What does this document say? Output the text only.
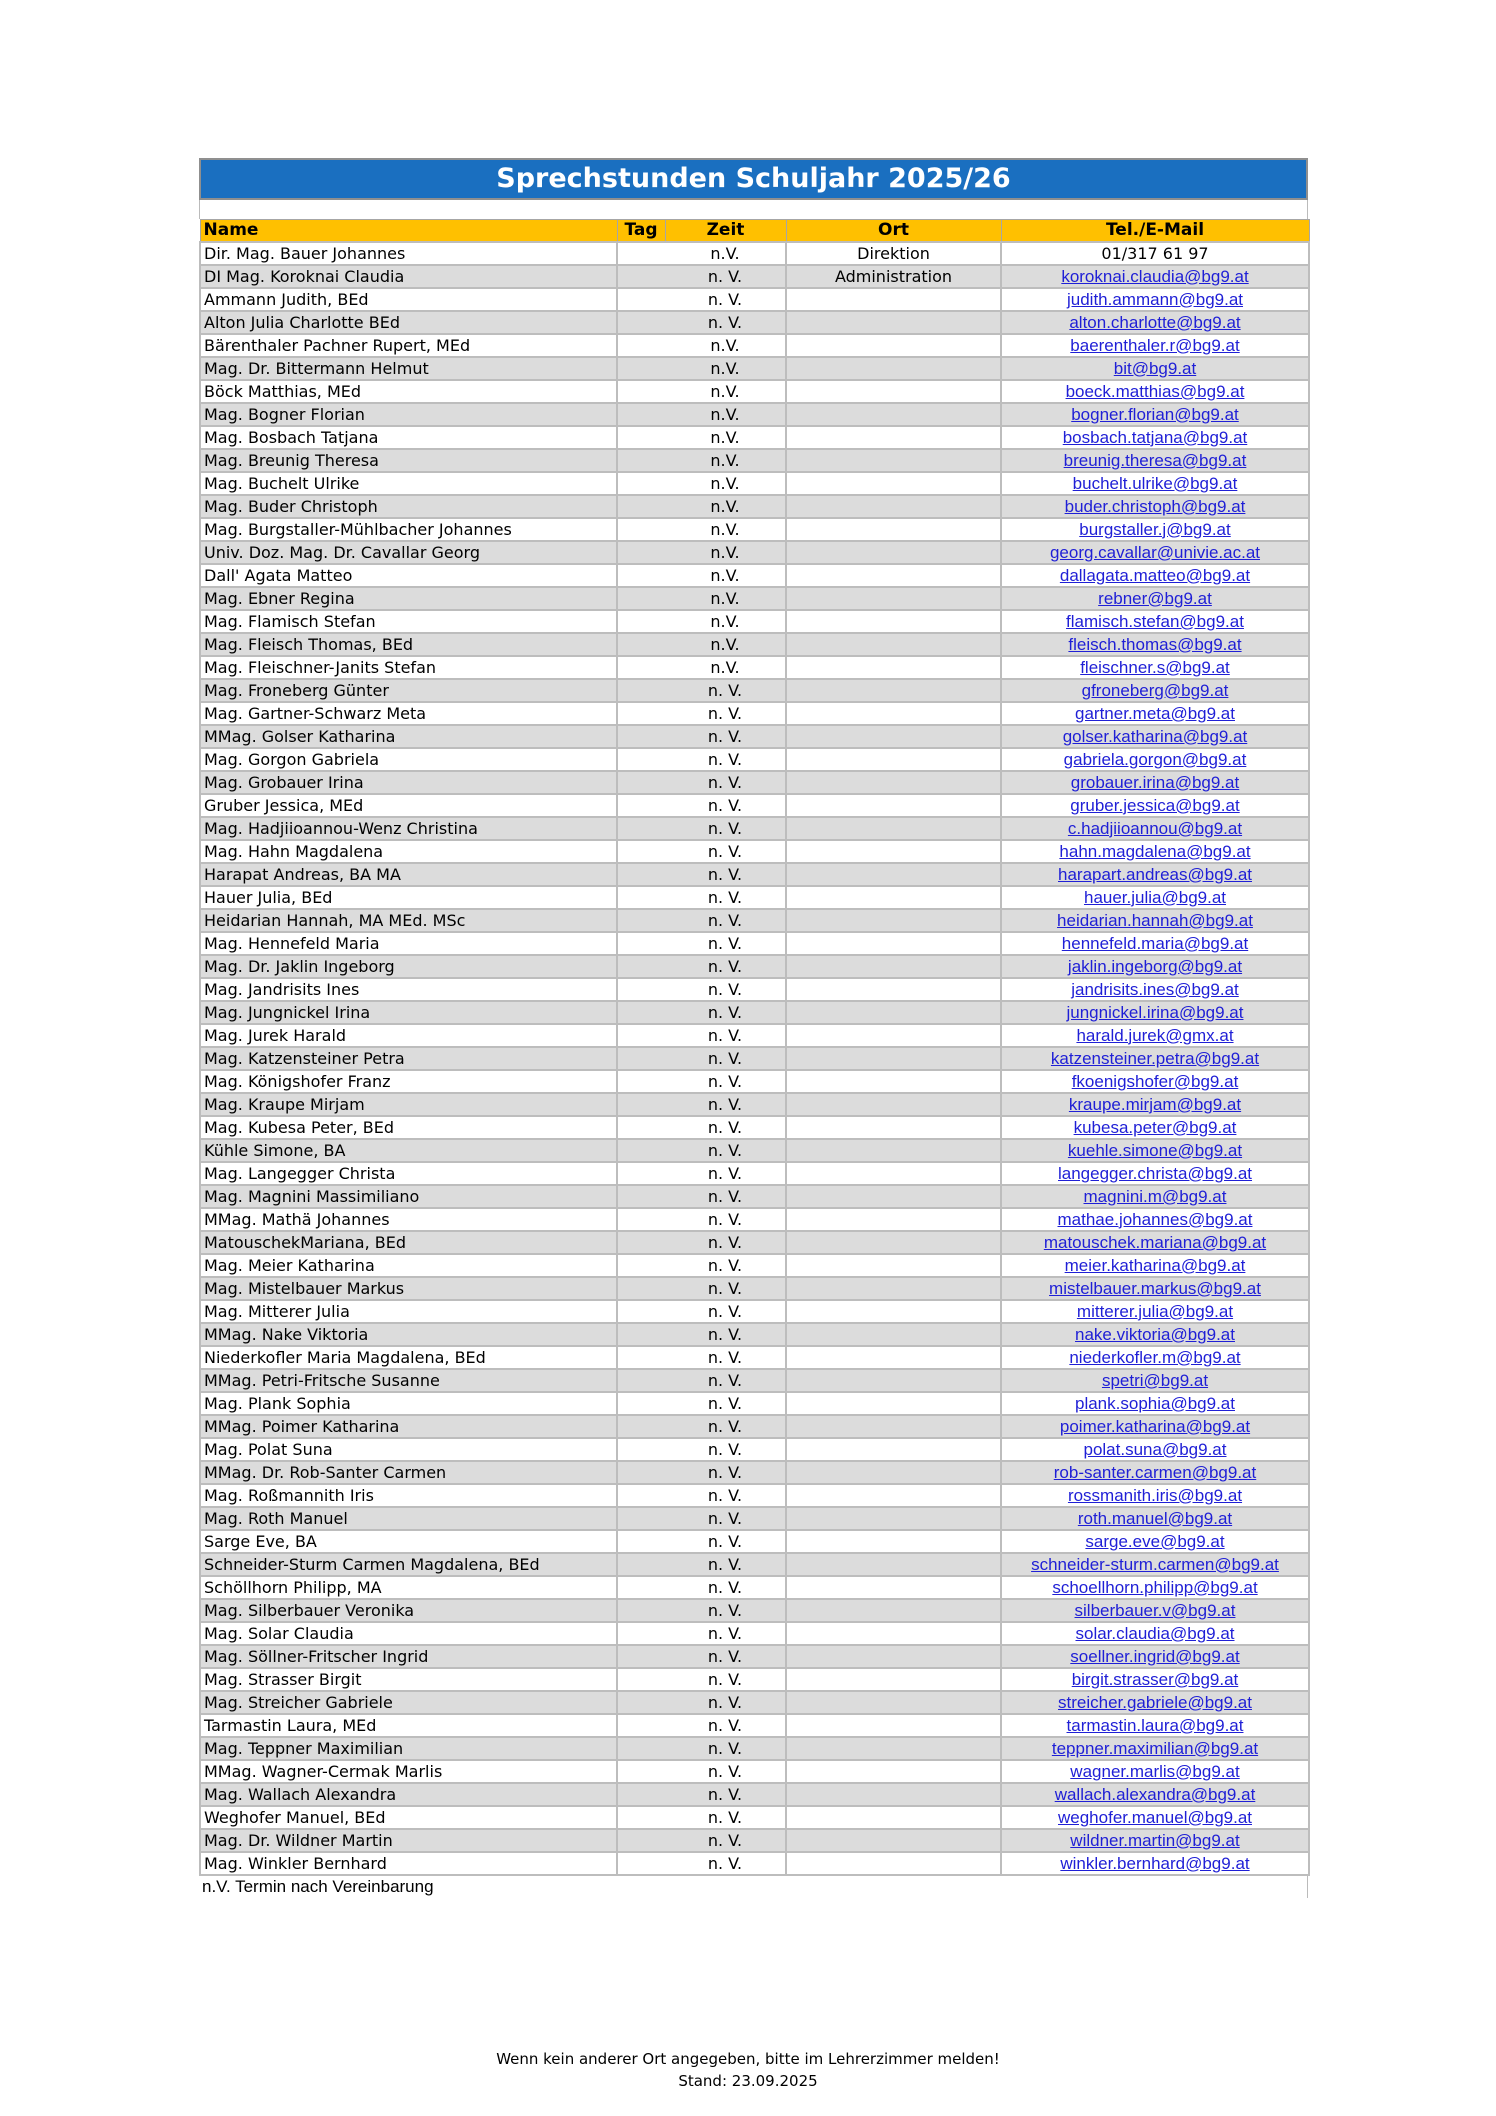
Sprechstunden Schuljahr 2025/26
Name	Tag	Zeit	Ort	Tel./E-Mail
Dir. Mag. Bauer Johannes		n.V.	Direktion	01/317 61 97
DI Mag. Koroknai Claudia		n. V.	Administration	koroknai.claudia@bg9.at
Ammann Judith, BEd		n. V.		judith.ammann@bg9.at
Alton Julia Charlotte BEd		n. V.		alton.charlotte@bg9.at
Bärenthaler Pachner Rupert, MEd		n.V.		baerenthaler.r@bg9.at
Mag. Dr. Bittermann Helmut		n.V.		bit@bg9.at
Böck Matthias, MEd		n.V.		boeck.matthias@bg9.at
Mag. Bogner Florian		n.V.		bogner.florian@bg9.at
Mag. Bosbach Tatjana		n.V.		bosbach.tatjana@bg9.at
Mag. Breunig Theresa		n.V.		breunig.theresa@bg9.at
Mag. Buchelt Ulrike		n.V.		buchelt.ulrike@bg9.at
Mag. Buder Christoph		n.V.		buder.christoph@bg9.at
Mag. Burgstaller-Mühlbacher Johannes		n.V.		burgstaller.j@bg9.at
Univ. Doz. Mag. Dr. Cavallar Georg		n.V.		georg.cavallar@univie.ac.at
Dall' Agata Matteo		n.V.		dallagata.matteo@bg9.at
Mag. Ebner Regina		n.V.		rebner@bg9.at
Mag. Flamisch Stefan		n.V.		flamisch.stefan@bg9.at
Mag. Fleisch Thomas, BEd		n.V.		fleisch.thomas@bg9.at
Mag. Fleischner-Janits Stefan		n.V.		fleischner.s@bg9.at
Mag. Froneberg Günter		n. V.		gfroneberg@bg9.at
Mag. Gartner-Schwarz Meta		n. V.		gartner.meta@bg9.at
MMag. Golser Katharina		n. V.		golser.katharina@bg9.at
Mag. Gorgon Gabriela		n. V.		gabriela.gorgon@bg9.at
Mag. Grobauer Irina		n. V.		grobauer.irina@bg9.at
Gruber Jessica, MEd		n. V.		gruber.jessica@bg9.at
Mag. Hadjiioannou-Wenz Christina		n. V.		c.hadjiioannou@bg9.at
Mag. Hahn Magdalena		n. V.		hahn.magdalena@bg9.at
Harapat Andreas, BA MA		n. V.		harapart.andreas@bg9.at
Hauer Julia, BEd		n. V.		hauer.julia@bg9.at
Heidarian Hannah, MA MEd. MSc		n. V.		heidarian.hannah@bg9.at
Mag. Hennefeld Maria		n. V.		hennefeld.maria@bg9.at
Mag. Dr. Jaklin Ingeborg		n. V.		jaklin.ingeborg@bg9.at
Mag. Jandrisits Ines		n. V.		jandrisits.ines@bg9.at
Mag. Jungnickel Irina		n. V.		jungnickel.irina@bg9.at
Mag. Jurek Harald		n. V.		harald.jurek@gmx.at
Mag. Katzensteiner Petra		n. V.		katzensteiner.petra@bg9.at
Mag. Königshofer Franz		n. V.		fkoenigshofer@bg9.at
Mag. Kraupe Mirjam		n. V.		kraupe.mirjam@bg9.at
Mag. Kubesa Peter, BEd		n. V.		kubesa.peter@bg9.at
Kühle Simone, BA		n. V.		kuehle.simone@bg9.at
Mag. Langegger Christa		n. V.		langegger.christa@bg9.at
Mag. Magnini Massimiliano		n. V.		magnini.m@bg9.at
MMag. Mathä Johannes		n. V.		mathae.johannes@bg9.at
MatouschekMariana, BEd		n. V.		matouschek.mariana@bg9.at
Mag. Meier Katharina		n. V.		meier.katharina@bg9.at
Mag. Mistelbauer Markus		n. V.		mistelbauer.markus@bg9.at
Mag. Mitterer Julia		n. V.		mitterer.julia@bg9.at
MMag. Nake Viktoria		n. V.		nake.viktoria@bg9.at
Niederkofler Maria Magdalena, BEd		n. V.		niederkofler.m@bg9.at
MMag. Petri-Fritsche Susanne		n. V.		spetri@bg9.at
Mag. Plank Sophia		n. V.		plank.sophia@bg9.at
MMag. Poimer Katharina		n. V.		poimer.katharina@bg9.at
Mag. Polat Suna		n. V.		polat.suna@bg9.at
MMag. Dr. Rob-Santer Carmen		n. V.		rob-santer.carmen@bg9.at
Mag. Roßmannith Iris		n. V.		rossmanith.iris@bg9.at
Mag. Roth Manuel		n. V.		roth.manuel@bg9.at
Sarge Eve, BA		n. V.		sarge.eve@bg9.at
Schneider-Sturm Carmen Magdalena, BEd		n. V.		schneider-sturm.carmen@bg9.at
Schöllhorn Philipp, MA		n. V.		schoellhorn.philipp@bg9.at
Mag. Silberbauer Veronika		n. V.		silberbauer.v@bg9.at
Mag. Solar Claudia		n. V.		solar.claudia@bg9.at
Mag. Söllner-Fritscher Ingrid		n. V.		soellner.ingrid@bg9.at
Mag. Strasser Birgit		n. V.		birgit.strasser@bg9.at
Mag. Streicher Gabriele		n. V.		streicher.gabriele@bg9.at
Tarmastin Laura, MEd		n. V.		tarmastin.laura@bg9.at
Mag. Teppner Maximilian		n. V.		teppner.maximilian@bg9.at
MMag. Wagner-Cermak Marlis		n. V.		wagner.marlis@bg9.at
Mag. Wallach Alexandra		n. V.		wallach.alexandra@bg9.at
Weghofer Manuel, BEd		n. V.		weghofer.manuel@bg9.at
Mag. Dr. Wildner Martin		n. V.		wildner.martin@bg9.at
Mag. Winkler Bernhard		n. V.		winkler.bernhard@bg9.at
n.V. Termin nach Vereinbarung
Wenn kein anderer Ort angegeben, bitte im Lehrerzimmer melden!
Stand: 23.09.2025
